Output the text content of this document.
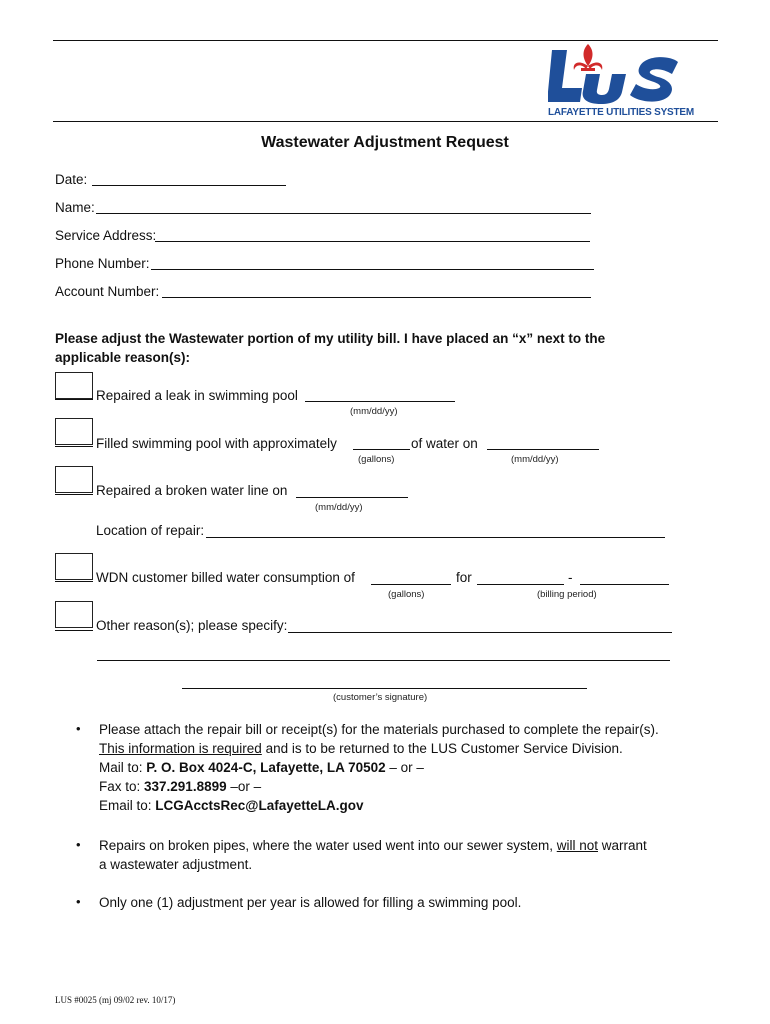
LAFAYETTE UTILITIES SYSTEM
Wastewater Adjustment Request
Date:
Name:
Service Address:
Phone Number:
Account Number:
Please adjust the Wastewater portion of my utility bill. I have placed an “x” next to the
applicable reason(s):
Repaired a leak in swimming pool
(mm/dd/yy)
Filled swimming pool with approximately	of water on
(gallons)	(mm/dd/yy)
Repaired a broken water line on
(mm/dd/yy)
Location of repair:
WDN customer billed water consumption of	for	-
(gallons)	(billing period)
Other reason(s); please specify:
(customer’s signature)
• Please attach the repair bill or receipt(s) for the materials purchased to complete the repair(s).
This information is required and is to be returned to the LUS Customer Service Division.
Mail to: P. O. Box 4024-C, Lafayette, LA 70502 – or –
Fax to: 337.291.8899 –or –
Email to: LCGAcctsRec@LafayetteLA.gov
• Repairs on broken pipes, where the water used went into our sewer system, will not warrant
a wastewater adjustment.
• Only one (1) adjustment per year is allowed for filling a swimming pool.
LUS #0025 (mj 09/02 rev. 10/17)
